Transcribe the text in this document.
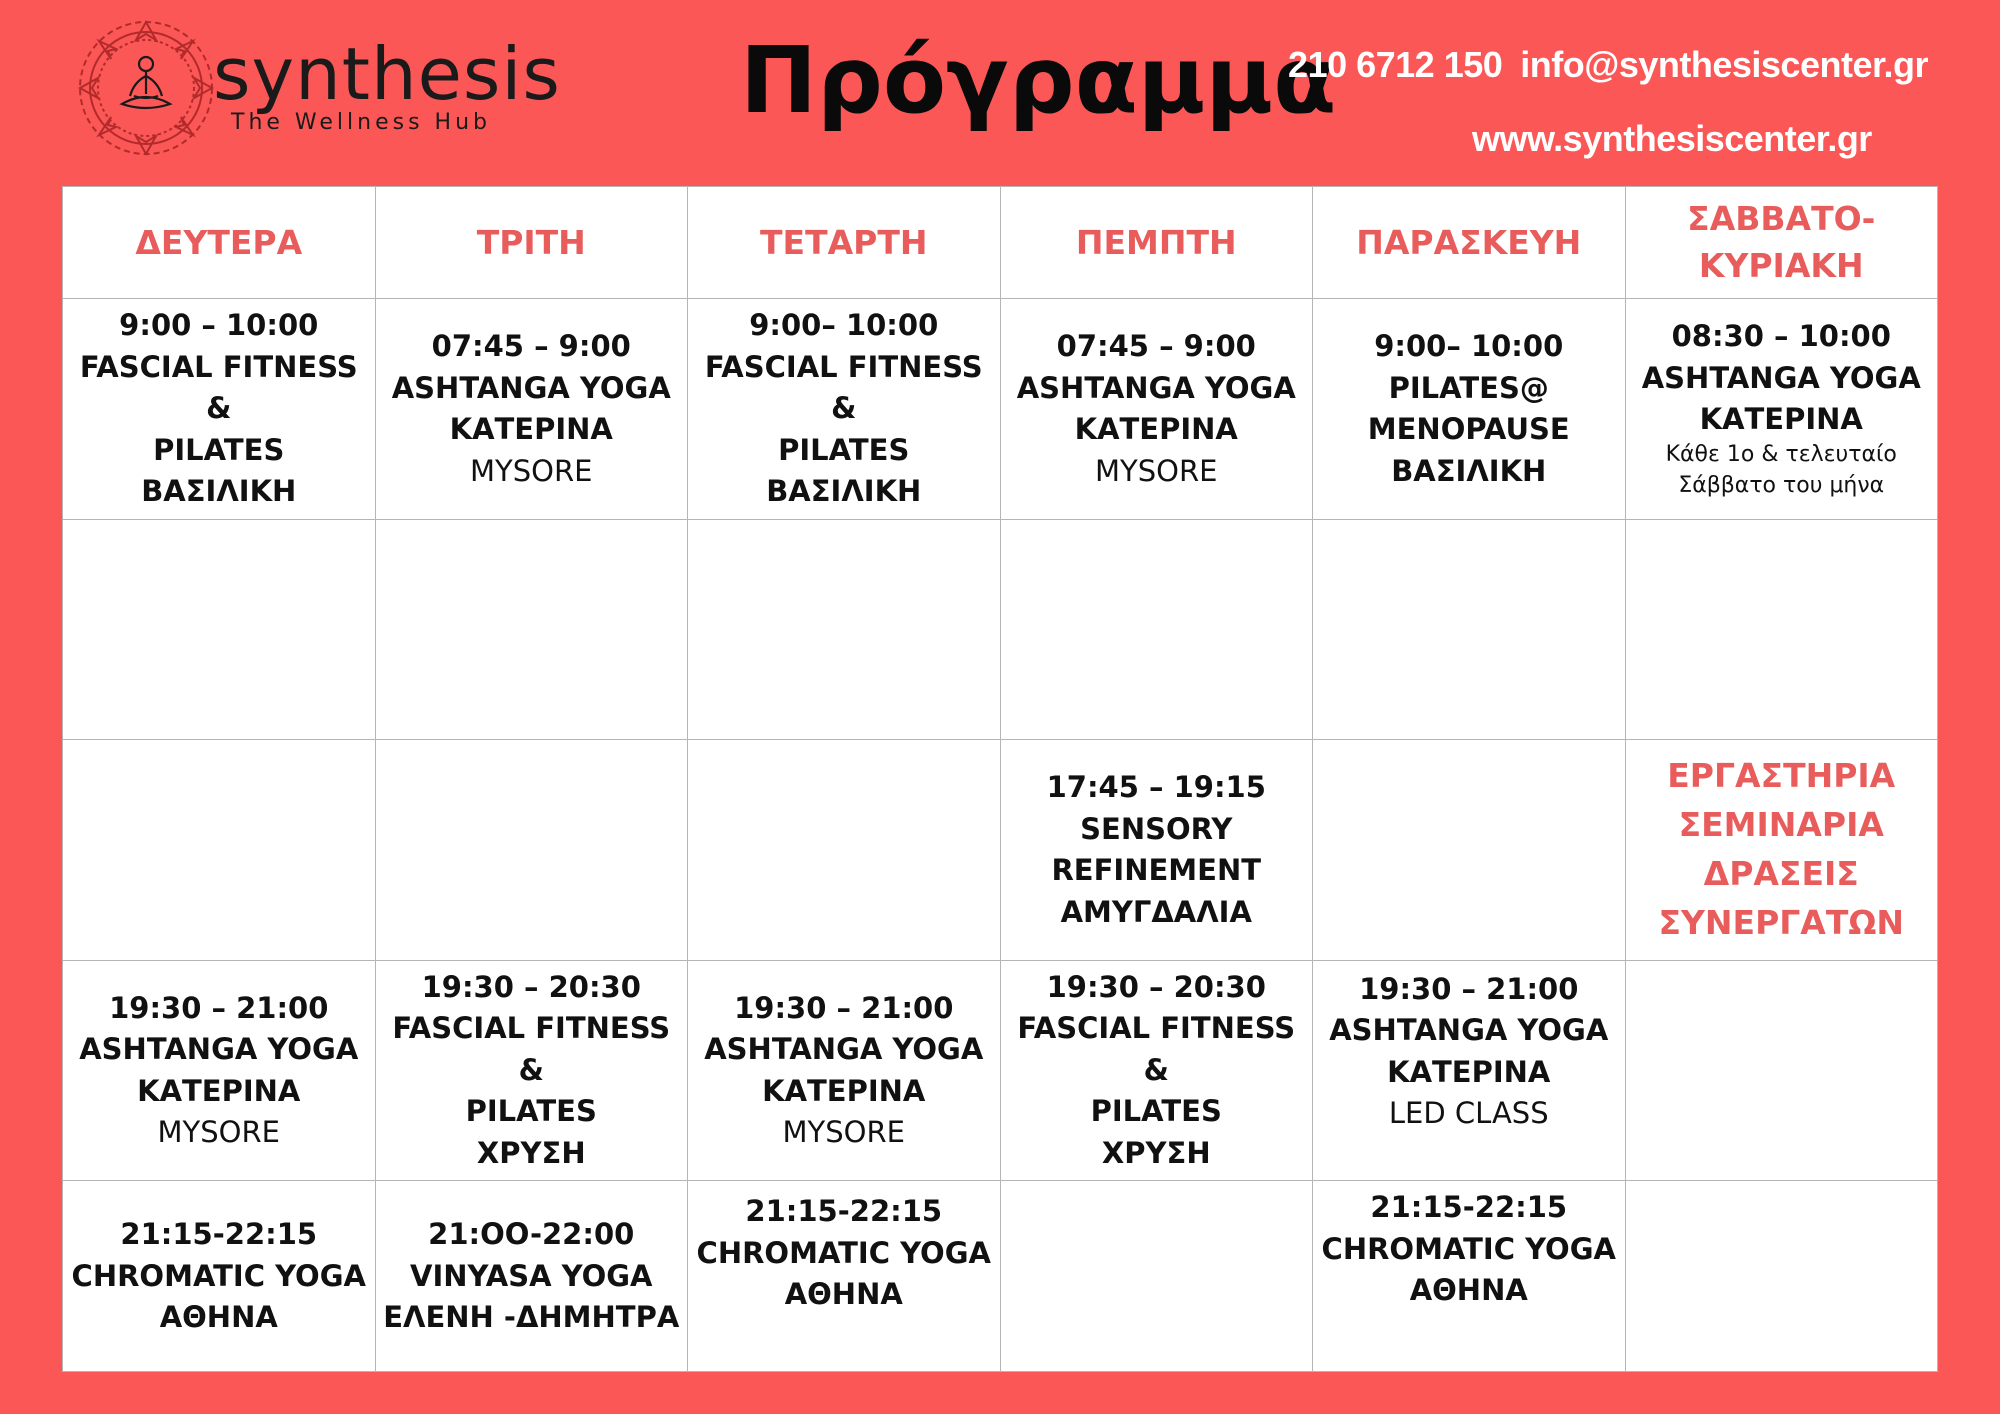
synthesis
The Wellness Hub	Πρόγραμμα
210 6712 150 info@synthesiscenter.gr
www.synthesiscenter.gr
ΔΕΥΤΕΡΑ	ΤΡΙΤΗ	ΤΕΤΑΡΤΗ	ΠΕΜΠΤΗ	ΠΑΡΑΣΚΕΥΗ	ΣΑΒΒΑΤΟ-
ΚΥΡΙΑΚΗ

9:00 – 10:00
FASCIAL FITNESS &
PILATES
ΒΑΣΙΛΙΚΗ	07:45 – 9:00
ASHTANGA YOGA
ΚΑΤΕΡΙΝΑ
MYSORE	9:00– 10:00
FASCIAL FITNESS &
PILATES
ΒΑΣΙΛΙΚΗ	07:45 – 9:00
ASHTANGA YOGA
ΚΑΤΕΡΙΝΑ
MYSORE	9:00– 10:00
PILATES@
MENOPAUSE
ΒΑΣΙΛΙΚΗ	08:30 – 10:00
ASHTANGA YOGA
ΚΑΤΕΡΙΝΑ
Κάθε 1ο & τελευταίο
Σάββατο του μήνα

			17:45 – 19:15
SENSORY
REFINEMENT
ΑΜΥΓΔΑΛΙΑ		ΕΡΓΑΣΤΗΡΙΑ
ΣΕΜΙΝΑΡΙΑ
ΔΡΑΣΕΙΣ
ΣΥΝΕΡΓΑΤΩΝ

19:30 – 21:00
ASHTANGA YOGA
ΚΑΤΕΡΙΝΑ
MYSORE	19:30 – 20:30
FASCIAL FITNESS &
PILATES
ΧΡΥΣΗ	19:30 – 21:00
ASHTANGA YOGA
ΚΑΤΕΡΙΝΑ
MYSORE	19:30 – 20:30
FASCIAL FITNESS &
PILATES
ΧΡΥΣΗ	19:30 – 21:00
ASHTANGA YOGA
ΚΑΤΕΡΙΝΑ
LED CLASS	

21:15-22:15
CHROMATIC YOGA
ΑΘΗΝΑ	21:OO-22:00
VINYASA YOGA
ΕΛΕΝΗ -ΔΗΜΗΤΡΑ	21:15-22:15
CHROMATIC YOGA
ΑΘΗΝΑ		21:15-22:15
CHROMATIC YOGA
ΑΘΗΝΑ	
